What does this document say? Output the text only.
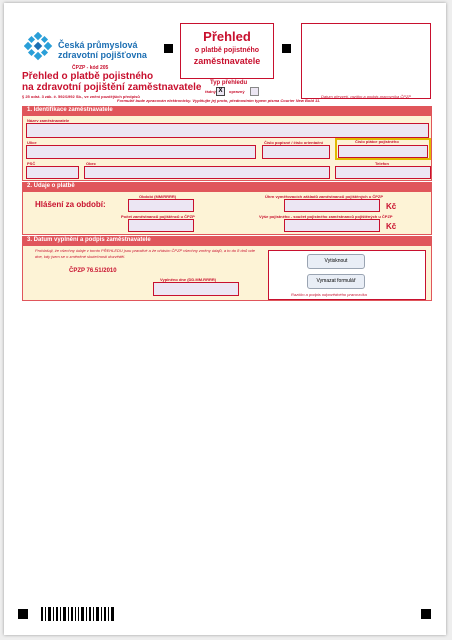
Česká průmyslová
zdravotní pojišťovna
ČPZP - kód 205
Přehled o platbě pojistného
na zdravotní pojištění zaměstnavatele
§ 25 odst. 3 zák. č. 592/1992 Sb., ve znění pozdějších předpisů
Přehled
o platbě pojistného
zaměstnavatele
Datum převzetí, razítko a podpis pracovníka ČPZP
Typ přehledu
řádný X	opravný
Formulář bude zpracován elektronicky. Vyplňujte jej proto, přednostním typem písma Courier New Bold 11.
1. Identifikace zaměstnavatele
Název zaměstnavatele
Ulice	Číslo popisné / číslo orientační	Číslo plátce pojistného
PSČ	Obec	Telefon
2. Údaje o platbě
Hlášení za období:
Období (MM/RRRR)
Počet zaměstnanců pojištěnců u ČPZP
Úhrn vyměřovacích základů zaměstnanců pojištěných u ČPZP
Kč
Výše pojistného - součet pojistného zaměstnanců pojištěných u ČPZP
Kč
3. Datum vyplnění a podpis zaměstnavatele
Prohlašuji, že všechny údaje v tomto PŘEHLEDU jsou pravdivé a že oňásím ČPZP všechny změny údajů, a to do 8 dnů ode dne, kdy jsem se o změněné skutečnosti dozvěděl.
ČPZP 76.51/2010
Vyplněno dne (DD.MM.RRRR)
Vytisknout
Vymazat formulář
Razítko a podpis odpovědného pracovníka
